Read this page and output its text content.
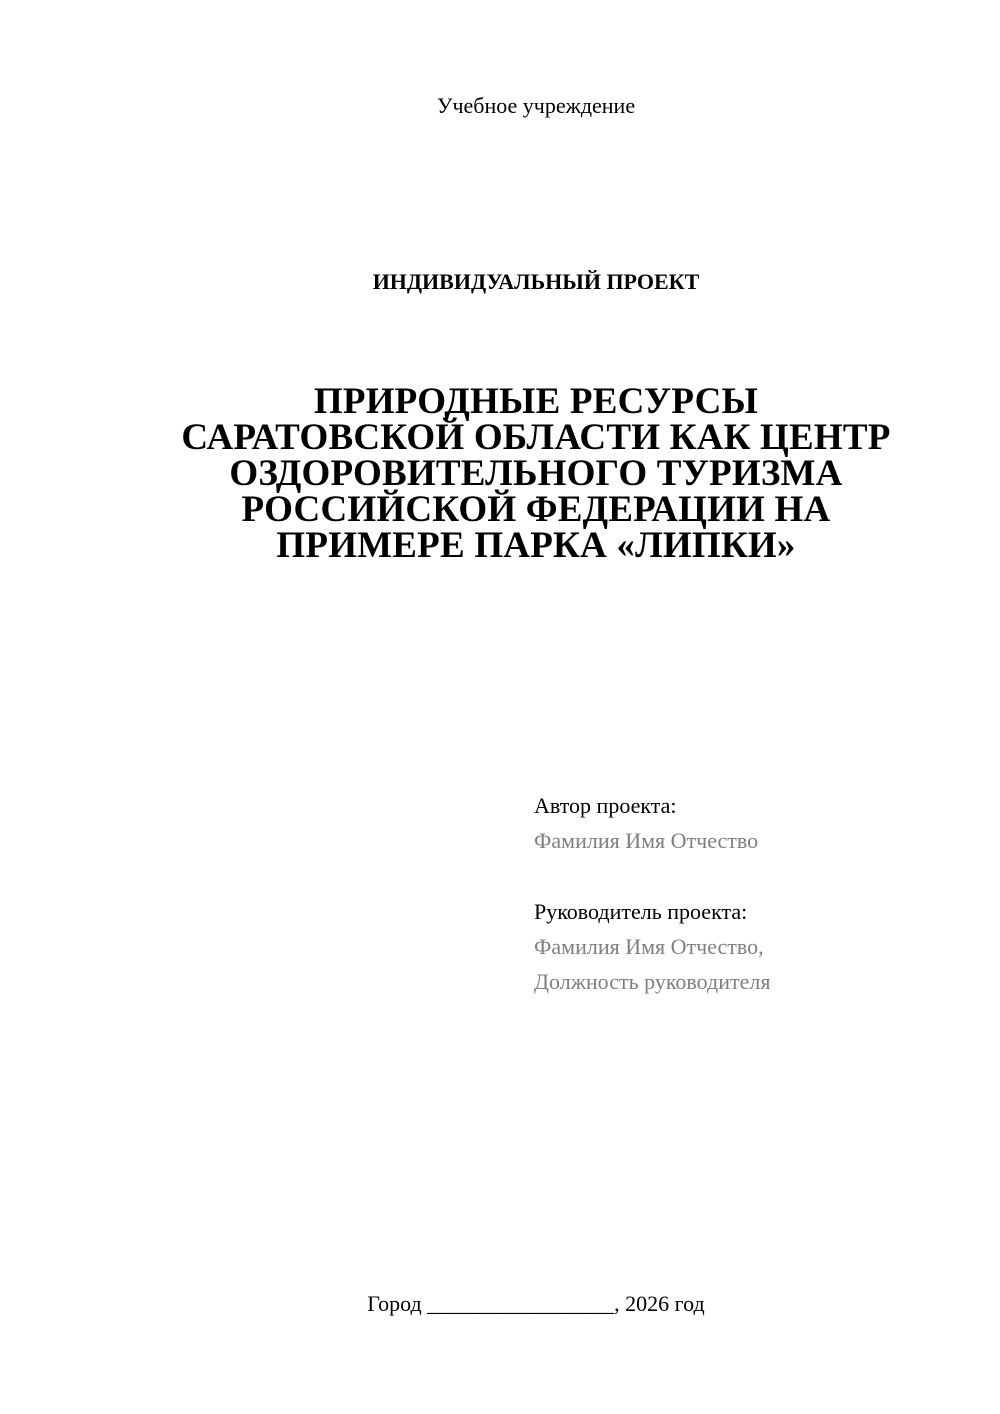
Учебное учреждение
ИНДИВИДУАЛЬНЫЙ ПРОЕКТ
ПРИРОДНЫЕ РЕСУРСЫ
САРАТОВСКОЙ ОБЛАСТИ КАК ЦЕНТР
ОЗДОРОВИТЕЛЬНОГО ТУРИЗМА
РОССИЙСКОЙ ФЕДЕРАЦИИ НА
ПРИМЕРЕ ПАРКА «ЛИПКИ»
Автор проекта:
Фамилия Имя Отчество
Руководитель проекта:
Фамилия Имя Отчество,
Должность руководителя
Город _________________, 2026 год
